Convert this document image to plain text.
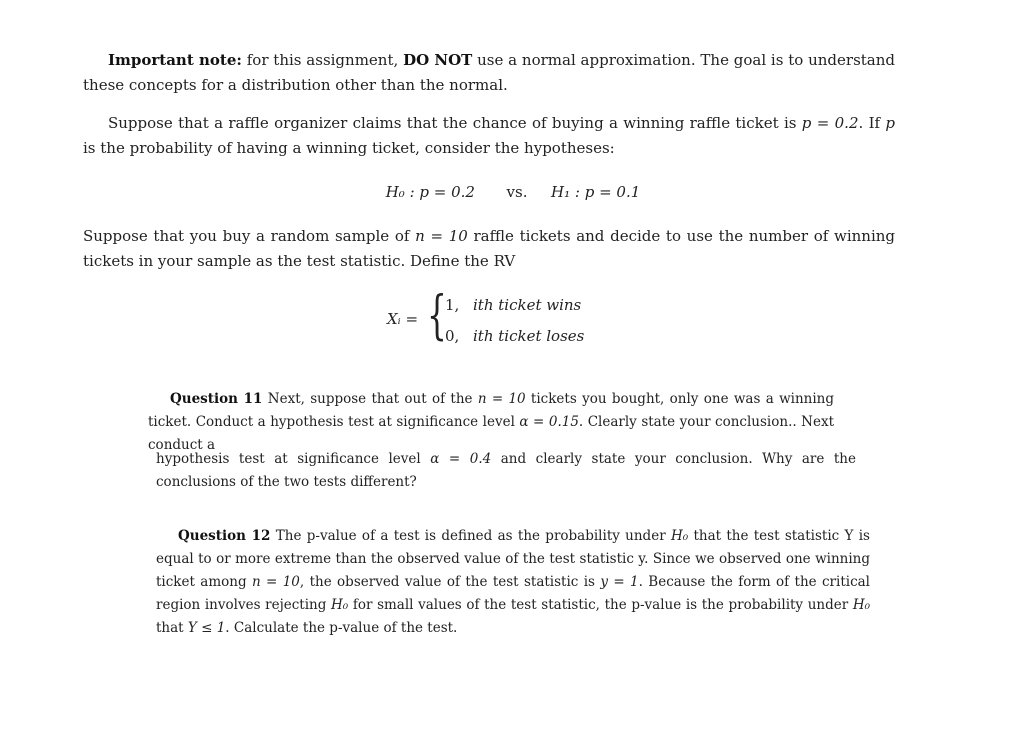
Important note: for this assignment, DO NOT use a normal approximation. The goal is to understand these concepts for a distribution other than the normal.
Suppose that a raffle organizer claims that the chance of buying a winning raffle ticket is p = 0.2. If p is the probability of having a winning ticket, consider the hypotheses:
H₀ : p = 0.2 vs. H₁ : p = 0.1
Suppose that you buy a random sample of n = 10 raffle tickets and decide to use the number of winning tickets in your sample as the test statistic. Define the RV
Xᵢ = {
1, ith ticket wins
0, ith ticket loses
Question 11 Next, suppose that out of the n = 10 tickets you bought, only one was a winning ticket. Conduct a hypothesis test at significance level α = 0.15. Clearly state your conclusion.. Next conduct a
hypothesis test at significance level α = 0.4 and clearly state your conclusion. Why are the conclusions of the two tests different?
Question 12 The p-value of a test is defined as the probability under H₀ that the test statistic Y is equal to or more extreme than the observed value of the test statistic y. Since we observed one winning ticket among n = 10, the observed value of the test statistic is y = 1. Because the form of the critical region involves rejecting H₀ for small values of the test statistic, the p-value is the probability under H₀ that Y ≤ 1. Calculate the p-value of the test.
